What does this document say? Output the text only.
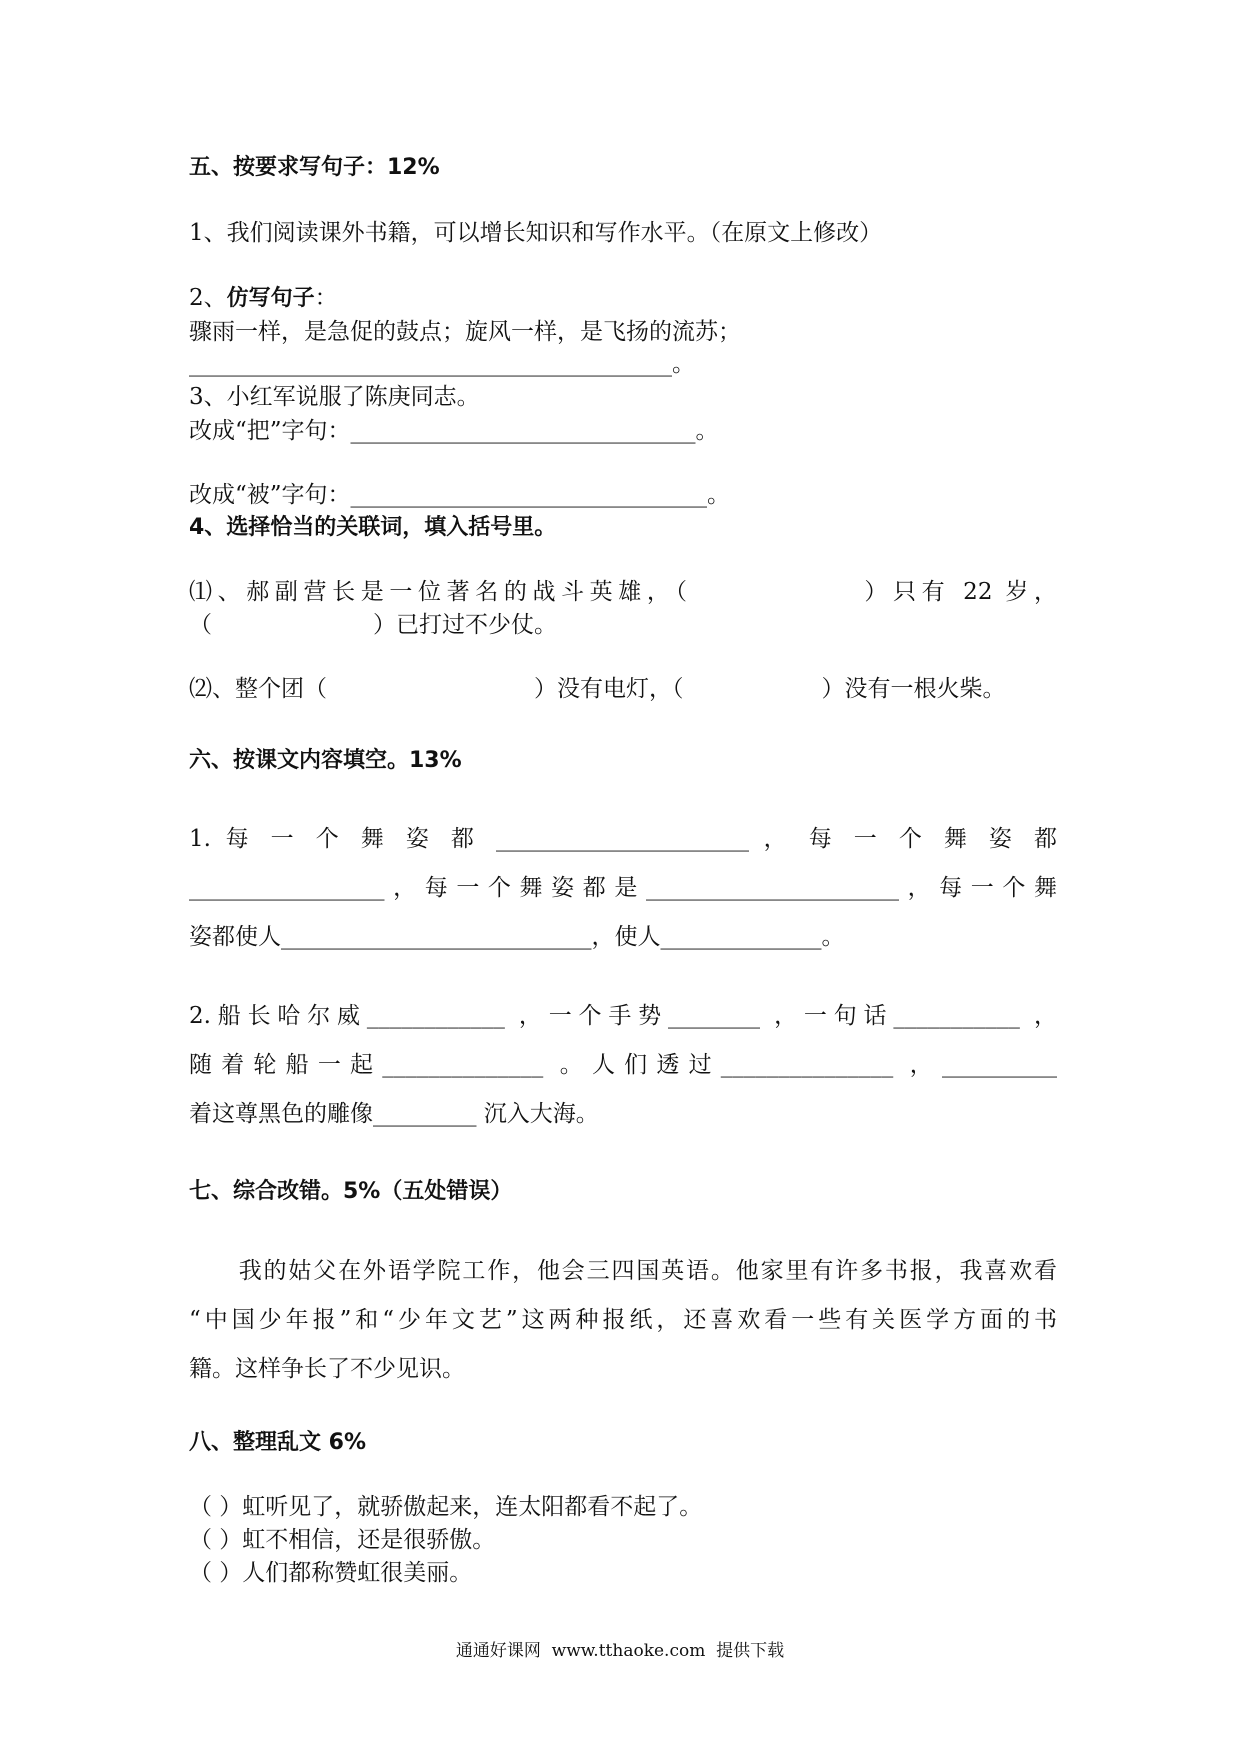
五、按要求写句子：12%
1、我们阅读课外书籍，可以增长知识和写作水平。（在原文上修改）
2、仿写句子：
骤雨一样，是急促的鼓点；旋风一样，是飞扬的流苏；
__________________________________________。
3、小红军说服了陈庚同志。
改成“把”字句：______________________________。
改成“被”字句：_______________________________。
4、选择恰当的关联词，填入括号里。
⑴、郝副营长是一位著名的战斗英雄，（　　　　　　）只有 22 岁，
（　　　　　　　）已打过不少仗。
⑵、整个团（　　　　　　　　　）没有电灯，（　　　　　　）没有一根火柴。
六、按课文内容填空。13%
1. 每 一 个 舞 姿 都 ______________________ ， 每 一 个 舞 姿 都
_________________，每一个舞姿都是______________________，每一个舞
姿都使人___________________________，使人______________。
2.船长哈尔威____________ ，一个手势________ ，一句话___________ ，
随着轮船一起______________ 。人们透过_______________ ，__________
着这尊黑色的雕像_________ 沉入大海。
七、综合改错。5%（五处错误）
　　我的姑父在外语学院工作，他会三四国英语。他家里有许多书报，我喜欢看
“中国少年报”和“少年文艺”这两种报纸，还喜欢看一些有关医学方面的书
籍。这样争长了不少见识。
八、整理乱文 6%
（ ）虹听见了，就骄傲起来，连太阳都看不起了。
（ ）虹不相信，还是很骄傲。
（ ）人们都称赞虹很美丽。
通通好课网  www.tthaoke.com  提供下载
